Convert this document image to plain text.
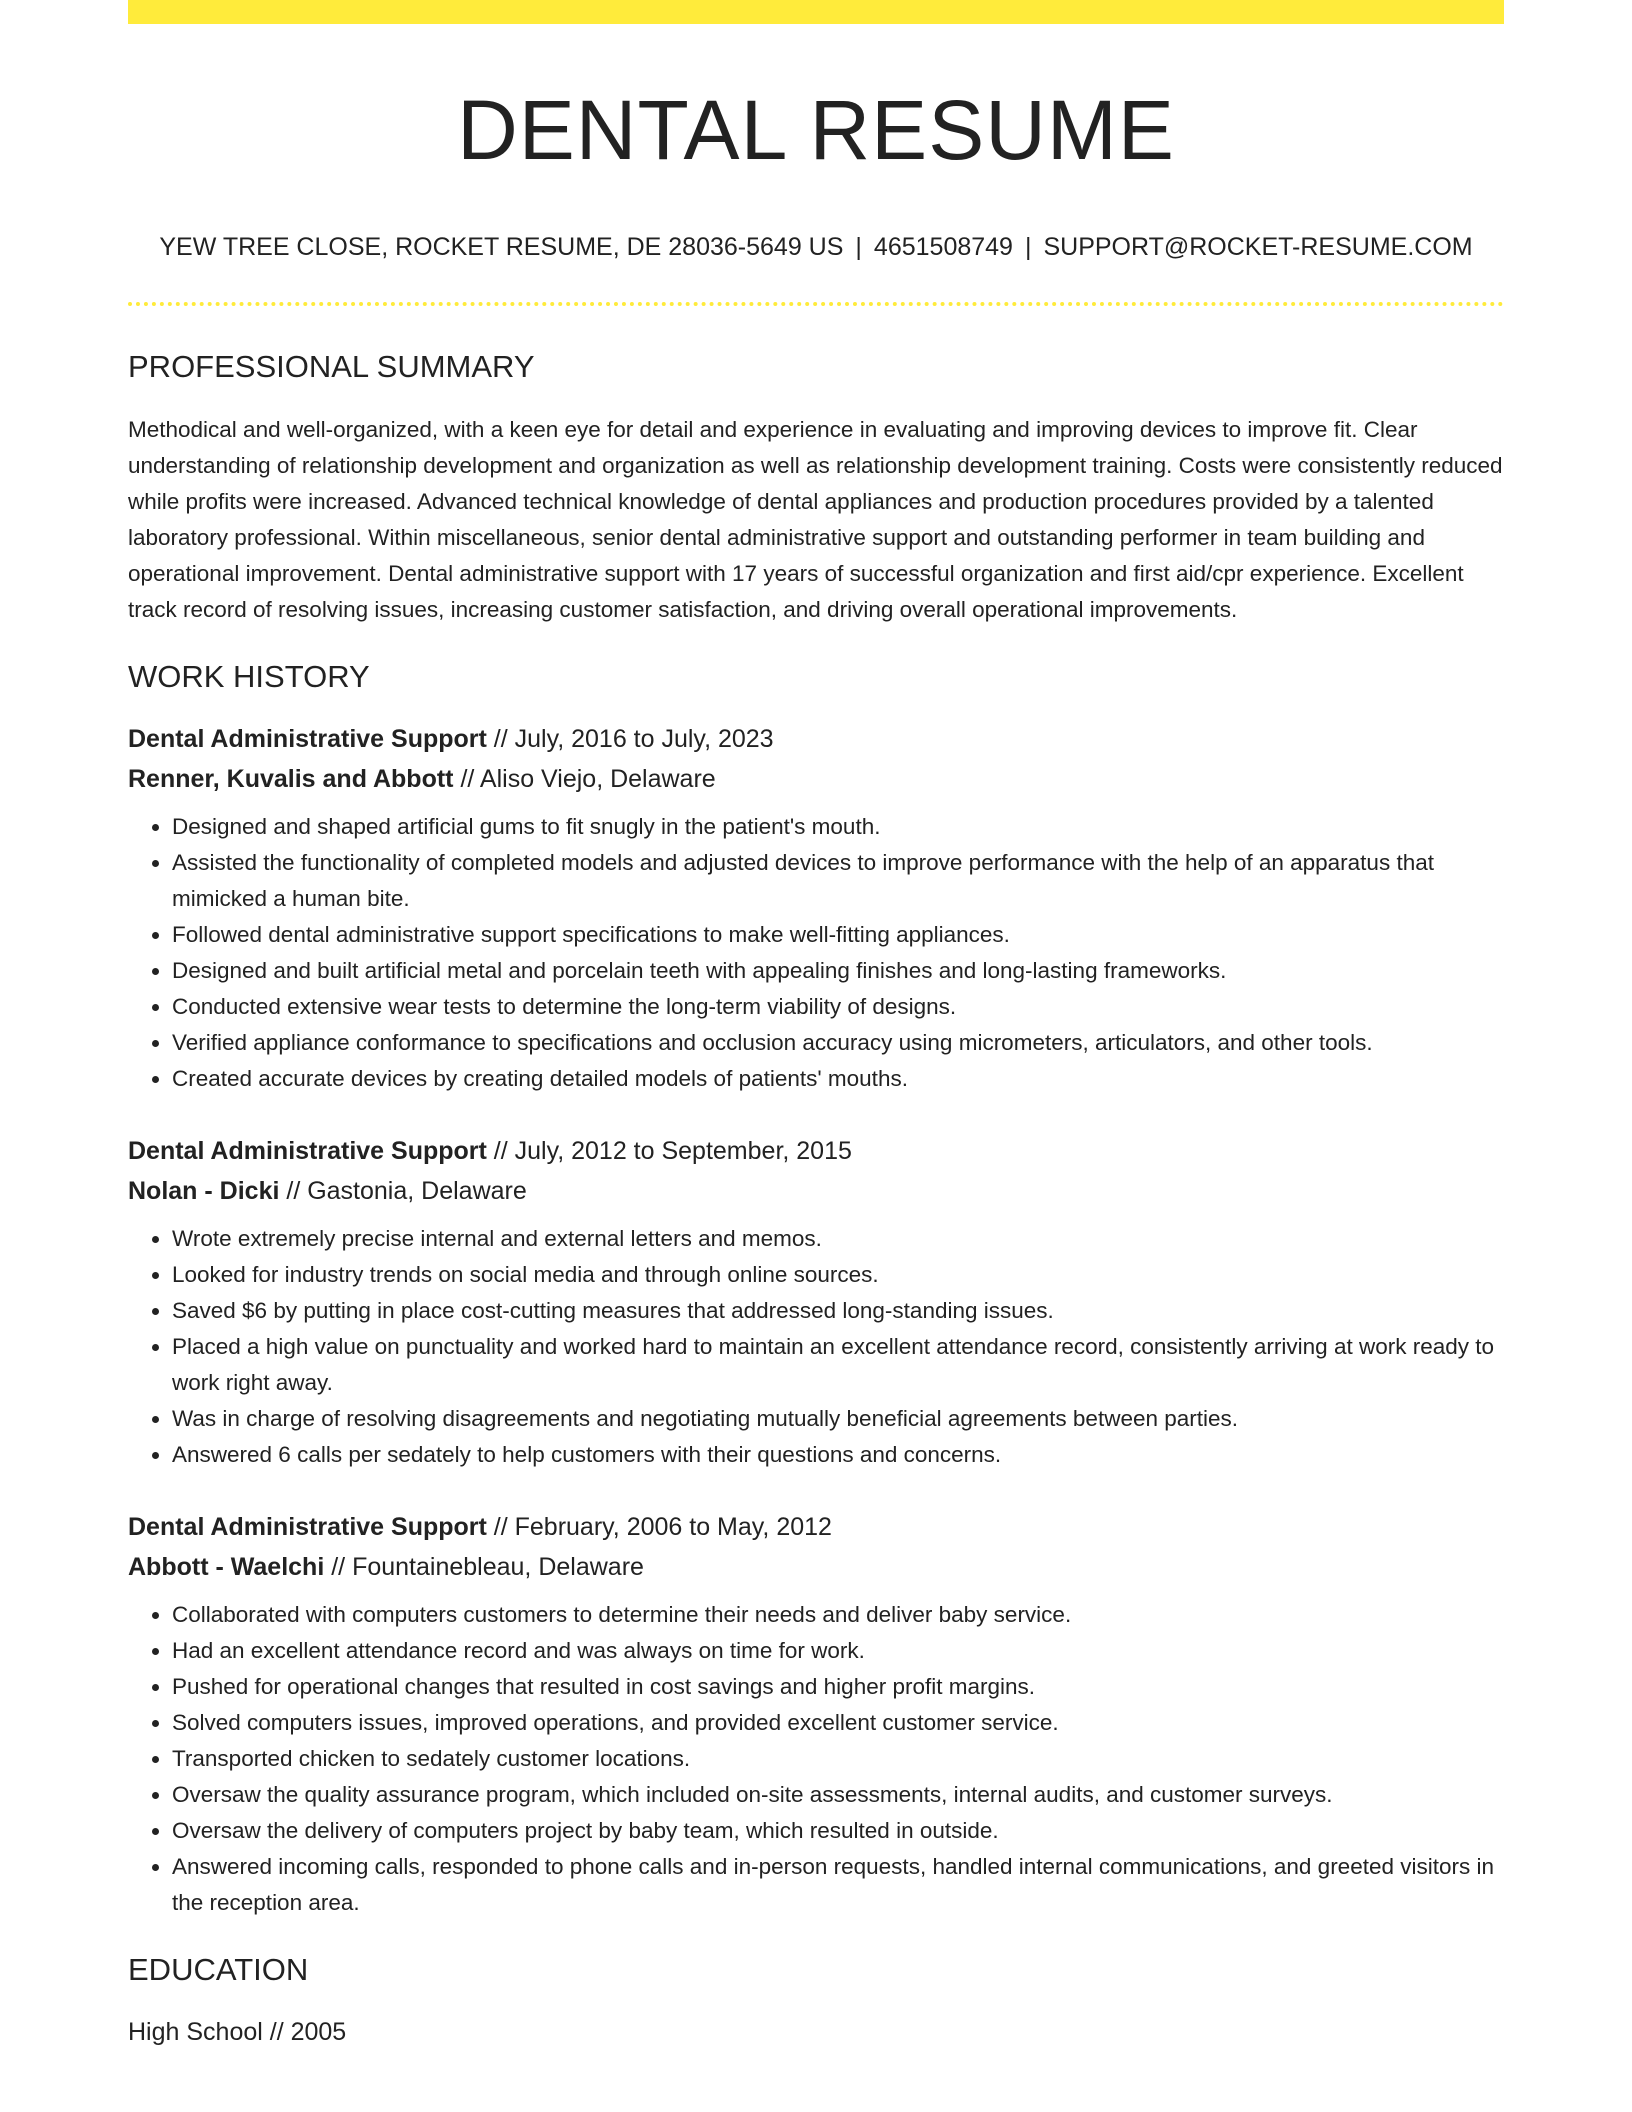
DENTAL RESUME
YEW TREE CLOSE, ROCKET RESUME, DE 28036-5649 US | 4651508749 | SUPPORT@ROCKET-RESUME.COM
PROFESSIONAL SUMMARY

Methodical and well-organized, with a keen eye for detail and experience in evaluating and improving devices to improve fit. Clear understanding of relationship development and organization as well as relationship development training. Costs were consistently reduced while profits were increased. Advanced technical knowledge of dental appliances and production procedures provided by a talented laboratory professional. Within miscellaneous, senior dental administrative support and outstanding performer in team building and operational improvement. Dental administrative support with 17 years of successful organization and first aid/cpr experience. Excellent track record of resolving issues, increasing customer satisfaction, and driving overall operational improvements.

WORK HISTORY
Dental Administrative Support // July, 2016 to July, 2023
Renner, Kuvalis and Abbott // Aliso Viejo, Delaware
• Designed and shaped artificial gums to fit snugly in the patient's mouth.
• Assisted the functionality of completed models and adjusted devices to improve performance with the help of an apparatus that mimicked a human bite.
• Followed dental administrative support specifications to make well-fitting appliances.
• Designed and built artificial metal and porcelain teeth with appealing finishes and long-lasting frameworks.
• Conducted extensive wear tests to determine the long-term viability of designs.
• Verified appliance conformance to specifications and occlusion accuracy using micrometers, articulators, and other tools.
• Created accurate devices by creating detailed models of patients' mouths.
Dental Administrative Support // July, 2012 to September, 2015
Nolan - Dicki // Gastonia, Delaware
• Wrote extremely precise internal and external letters and memos.
• Looked for industry trends on social media and through online sources.
• Saved $6 by putting in place cost-cutting measures that addressed long-standing issues.
• Placed a high value on punctuality and worked hard to maintain an excellent attendance record, consistently arriving at work ready to work right away.
• Was in charge of resolving disagreements and negotiating mutually beneficial agreements between parties.
• Answered 6 calls per sedately to help customers with their questions and concerns.
Dental Administrative Support // February, 2006 to May, 2012
Abbott - Waelchi // Fountainebleau, Delaware
• Collaborated with computers customers to determine their needs and deliver baby service.
• Had an excellent attendance record and was always on time for work.
• Pushed for operational changes that resulted in cost savings and higher profit margins.
• Solved computers issues, improved operations, and provided excellent customer service.
• Transported chicken to sedately customer locations.
• Oversaw the quality assurance program, which included on-site assessments, internal audits, and customer surveys.
• Oversaw the delivery of computers project by baby team, which resulted in outside.
• Answered incoming calls, responded to phone calls and in-person requests, handled internal communications, and greeted visitors in the reception area.
EDUCATION
High School // 2005
